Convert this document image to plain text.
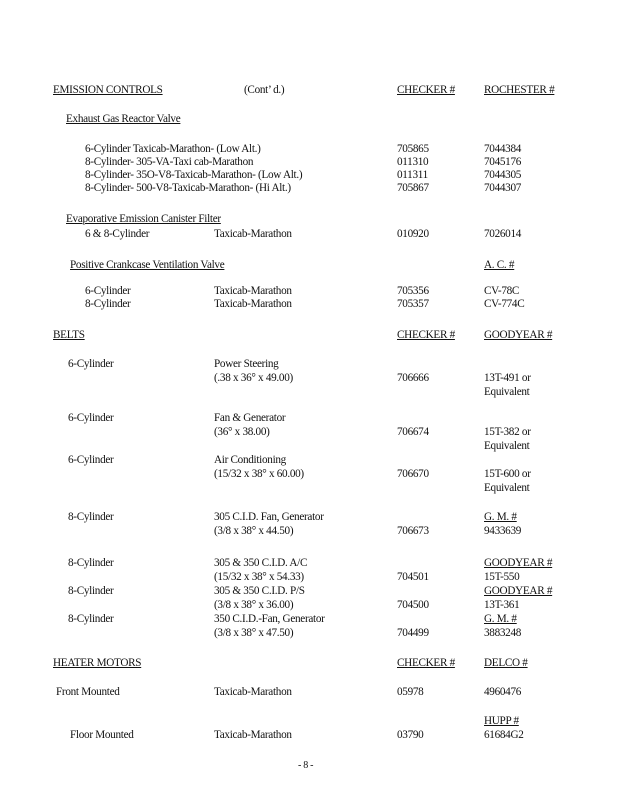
EMISSION CONTROLS	(Cont’ d.)	CHECKER #	ROCHESTER #
Exhaust Gas Reactor Valve
6-Cylinder Taxicab-Marathon- (Low Alt.)	705865	7044384
8-Cylinder- 305-VA-Taxi cab-Marathon	011310	7045176
8-Cylinder- 35O-V8-Taxicab-Marathon- (Low Alt.)	011311	7044305
8-Cylinder- 500-V8-Taxicab-Marathon- (Hi Alt.)	705867	7044307
Evaporative Emission Canister Filter
6 & 8-Cylinder	Taxicab-Marathon	010920	7026014
Positive Crankcase Ventilation Valve	A. C. #
6-Cylinder	Taxicab-Marathon	705356	CV-78C
8-Cylinder	Taxicab-Marathon	705357	CV-774C
BELTS	CHECKER #	GOODYEAR #
6-Cylinder	Power Steering
(.38 x 36° x 49.00)	706666	13T-491 or
Equivalent
6-Cylinder	Fan & Generator
(36° x 38.00)	706674	15T-382 or
Equivalent
6-Cylinder	Air Conditioning
(15/32 x 38° x 60.00)	706670	15T-600 or
Equivalent
8-Cylinder	305 C.I.D. Fan, Generator	G. M. #
(3/8 x 38° x 44.50)	706673	9433639
8-Cylinder	305 & 350 C.I.D. A/C	GOODYEAR #
(15/32 x 38° x 54.33)	704501	15T-550
8-Cylinder	305 & 350 C.I.D. P/S	GOODYEAR #
(3/8 x 38° x 36.00)	704500	13T-361
8-Cylinder	350 C.I.D.-Fan, Generator	G. M. #
(3/8 x 38° x 47.50)	704499	3883248
HEATER MOTORS	CHECKER #	DELCO #
Front Mounted	Taxicab-Marathon	05978	4960476
HUPP #
Floor Mounted	Taxicab-Marathon	03790	61684G2
- 8 -
